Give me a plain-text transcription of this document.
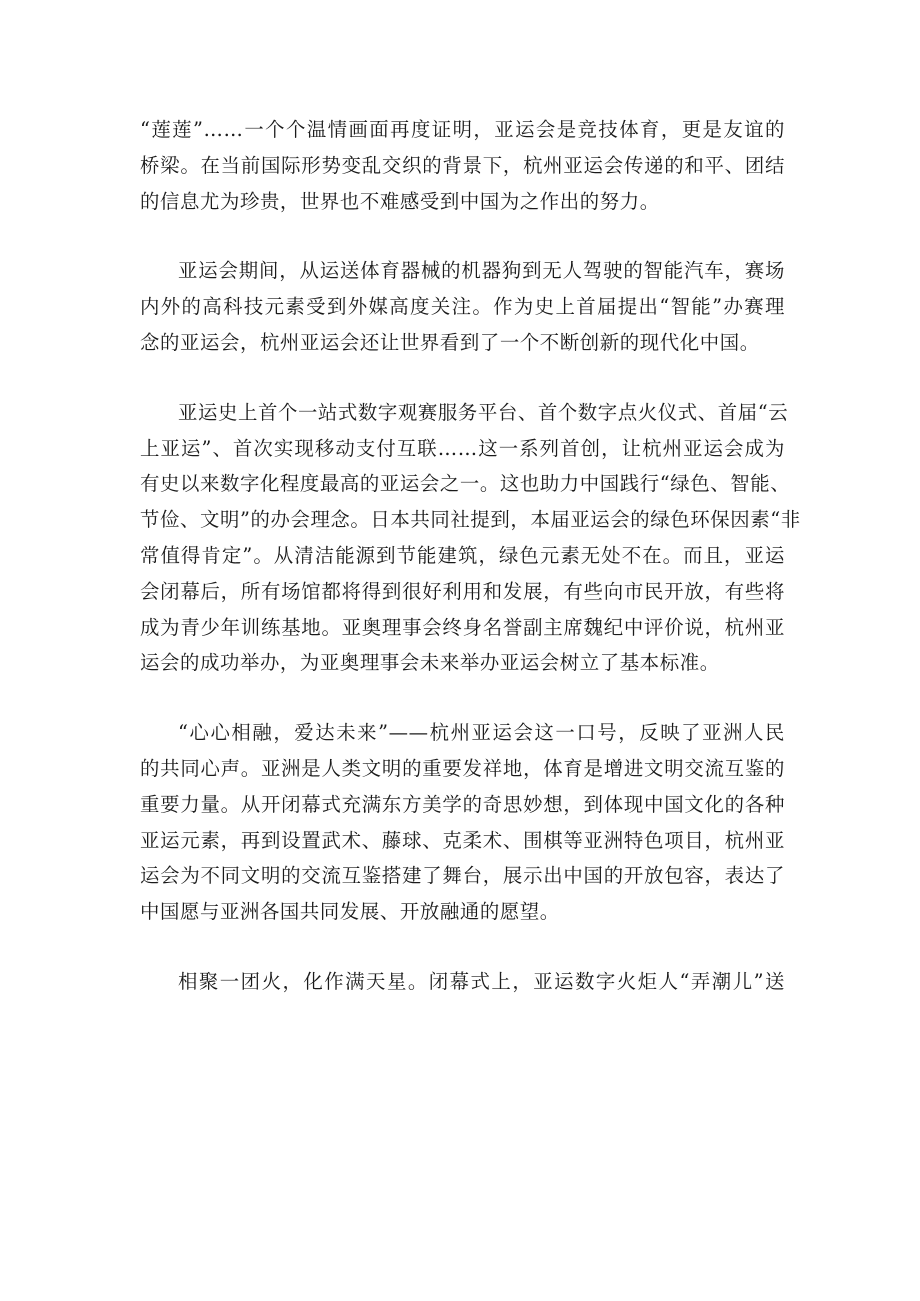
“莲莲”……一个个温情画面再度证明，亚运会是竞技体育，更是友谊的
桥梁。在当前国际形势变乱交织的背景下，杭州亚运会传递的和平、团结
的信息尤为珍贵，世界也不难感受到中国为之作出的努力。

亚运会期间，从运送体育器械的机器狗到无人驾驶的智能汽车，赛场
内外的高科技元素受到外媒高度关注。作为史上首届提出“智能”办赛理
念的亚运会，杭州亚运会还让世界看到了一个不断创新的现代化中国。

亚运史上首个一站式数字观赛服务平台、首个数字点火仪式、首届“云
上亚运”、首次实现移动支付互联……这一系列首创，让杭州亚运会成为
有史以来数字化程度最高的亚运会之一。这也助力中国践行“绿色、智能、
节俭、文明”的办会理念。日本共同社提到，本届亚运会的绿色环保因素“非
常值得肯定”。从清洁能源到节能建筑，绿色元素无处不在。而且，亚运
会闭幕后，所有场馆都将得到很好利用和发展，有些向市民开放，有些将
成为青少年训练基地。亚奥理事会终身名誉副主席魏纪中评价说，杭州亚
运会的成功举办，为亚奥理事会未来举办亚运会树立了基本标准。

“心心相融，爱达未来”——杭州亚运会这一口号，反映了亚洲人民
的共同心声。亚洲是人类文明的重要发祥地，体育是增进文明交流互鉴的
重要力量。从开闭幕式充满东方美学的奇思妙想，到体现中国文化的各种
亚运元素，再到设置武术、藤球、克柔术、围棋等亚洲特色项目，杭州亚
运会为不同文明的交流互鉴搭建了舞台，展示出中国的开放包容，表达了
中国愿与亚洲各国共同发展、开放融通的愿望。

相聚一团火，化作满天星。闭幕式上，亚运数字火炬人“弄潮儿”送
